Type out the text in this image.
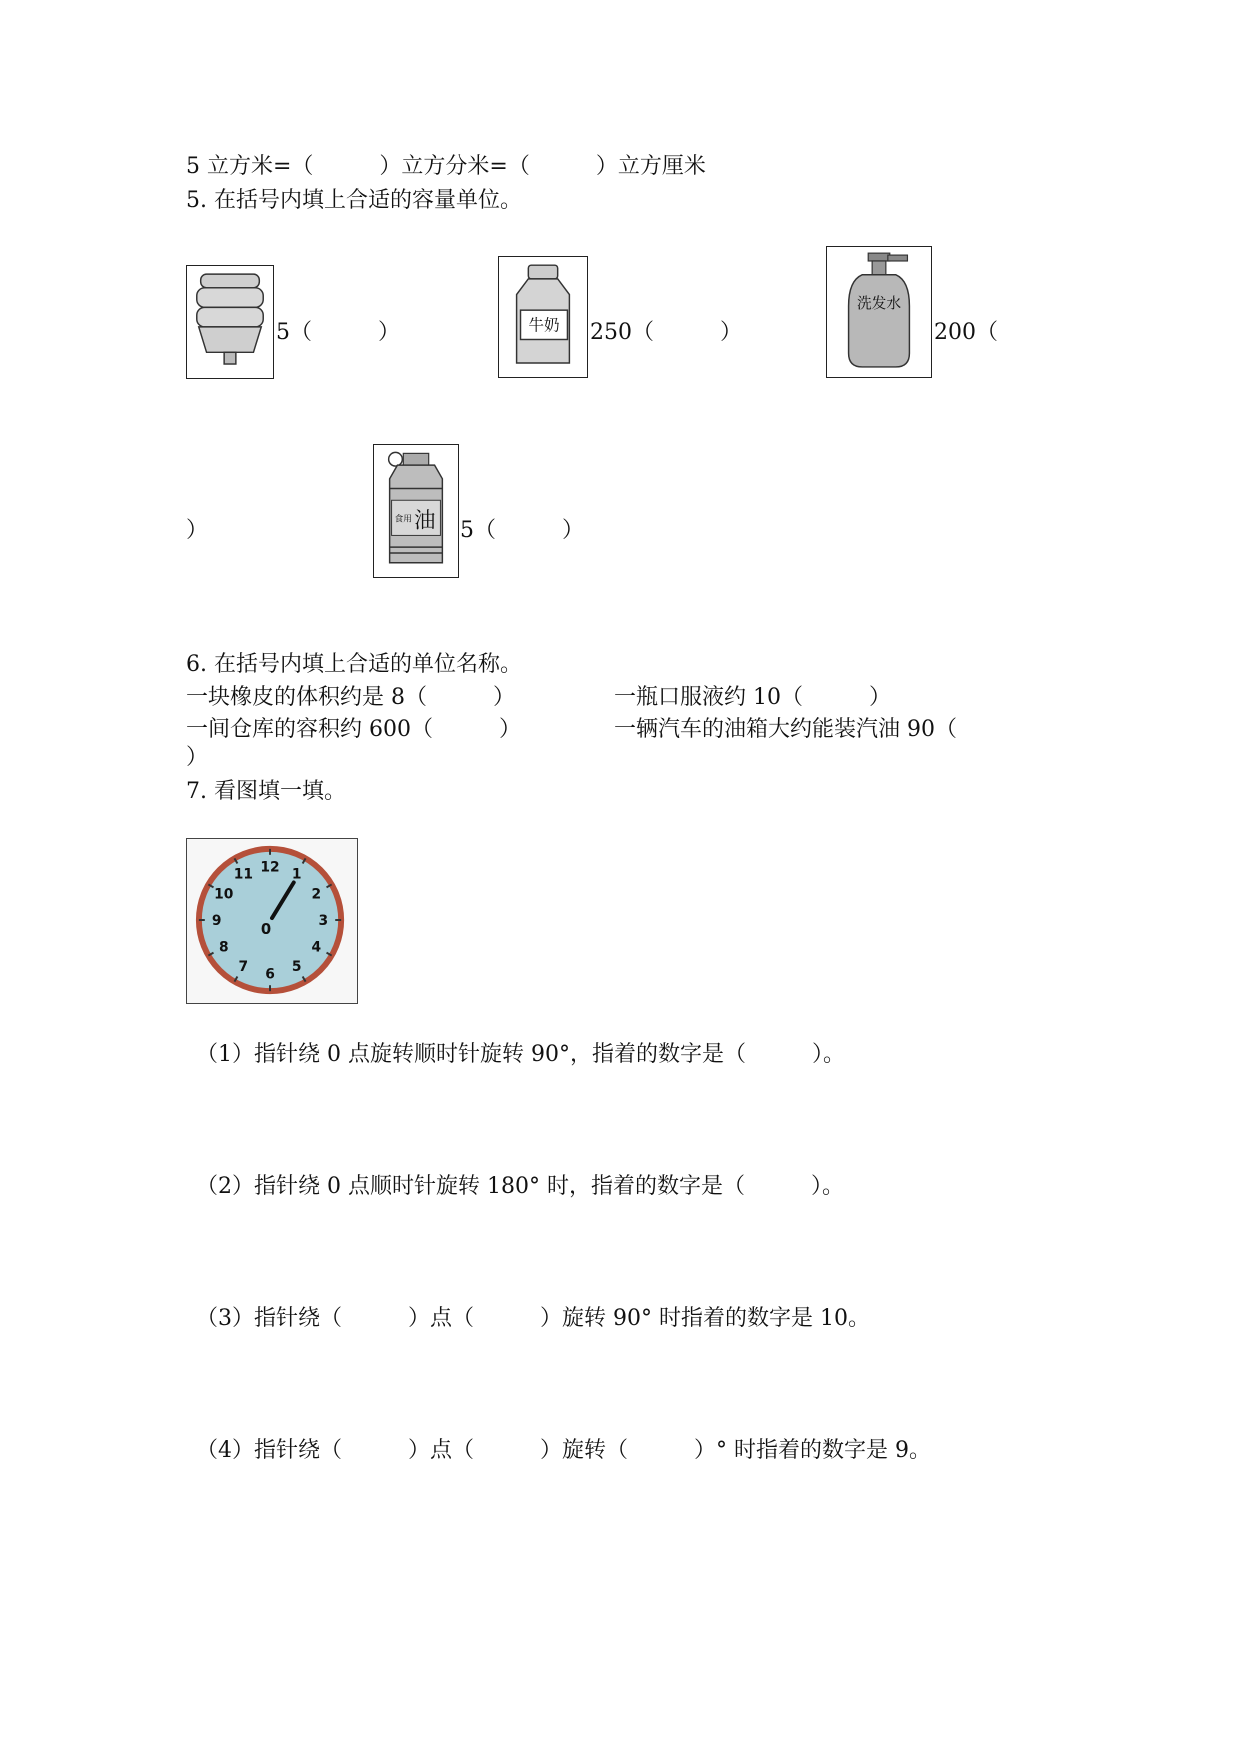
5 立方米=（　　　）立方分米=（　　　）立方厘米
5. 在括号内填上合适的容量单位。
5（　　　）	牛奶 250（　　　）
洗发水
200（
）	食用 油 5（　　　）
6. 在括号内填上合适的单位名称。
一块橡皮的体积约是 8（　　　）	一瓶口服液约 10（　　　）
一间仓库的容积约 600（　　　）	一辆汽车的油箱大约能装汽油 90（
）
7. 看图填一填。
12 1
2
3
4
5
6
7
8
9
10
11
0
（1）指针绕 0 点旋转顺时针旋转 90°，指着的数字是（　　　）。
（2）指针绕 0 点顺时针旋转 180° 时，指着的数字是（　　　）。
（3）指针绕（　　　）点（　　　）旋转 90° 时指着的数字是 10。
（4）指针绕（　　　）点（　　　）旋转（　　　）° 时指着的数字是 9。
